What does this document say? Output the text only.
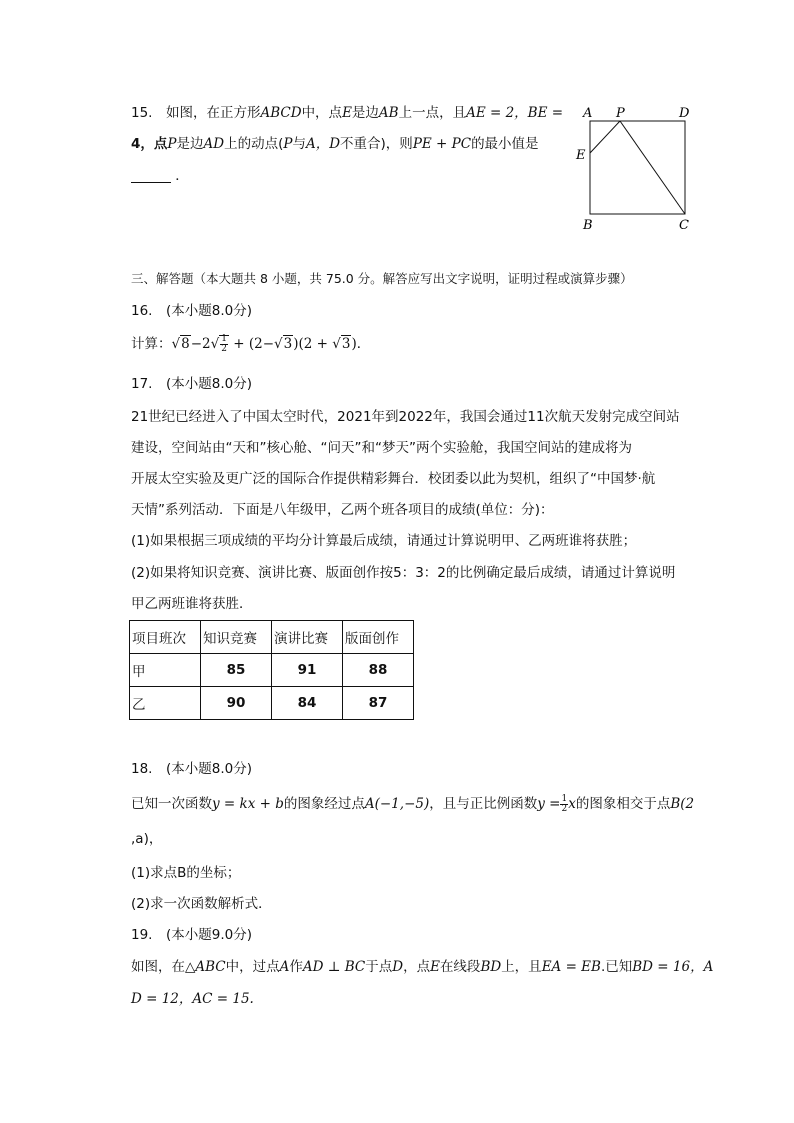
15.　如图，在正方形ABCD中，点E是边AB上一点，且AE = 2，BE =
4，点P是边AD上的动点(P与A，D不重合)，则PE + PC的最小值是
．
A P	D
E
B	C
三、解答题（本大题共 8 小题，共 75.0 分。解答应写出文字说明，证明过程或演算步骤）
16.　(本小题8.0分)
计算：$√8-2√ \frac{1}{2} + (2-√3)(2 + √3)$．
17.　(本小题8.0分)
21世纪已经进入了中国太空时代，2021年到2022年，我国会通过11次航天发射完成空间站
建设，空间站由“天和”核心舱、“问天”和“梦天”两个实验舱，我国空间站的建成将为
开展太空实验及更广泛的国际合作提供精彩舞台．校团委以此为契机，组织了“中国梦·航
天情”系列活动．下面是八年级甲，乙两个班各项目的成绩(单位：分)：
(1)如果根据三项成绩的平均分计算最后成绩，请通过计算说明甲、乙两班谁将获胜；
(2)如果将知识竞赛、演讲比赛、版面创作按5：3：2的比例确定最后成绩，请通过计算说明
甲乙两班谁将获胜．
项目班次	知识竞赛	演讲比赛	版面创作
甲	85	91	88
乙	90	84	87
18.　(本小题8.0分)
已知一次函数y = kx + b的图象经过点A(−1,−5)，且与正比例函数$y = \frac{1}{2}$ x的图象相交于点B(2
,a)，
(1)求点B的坐标；
(2)求一次函数解析式．
19.　(本小题9.0分)
如图，在△ABC中，过点A作AD ⊥ BC于点D，点E在线段BD上，且EA = EB.已知BD = 16，A
D = 12，AC = 15.
